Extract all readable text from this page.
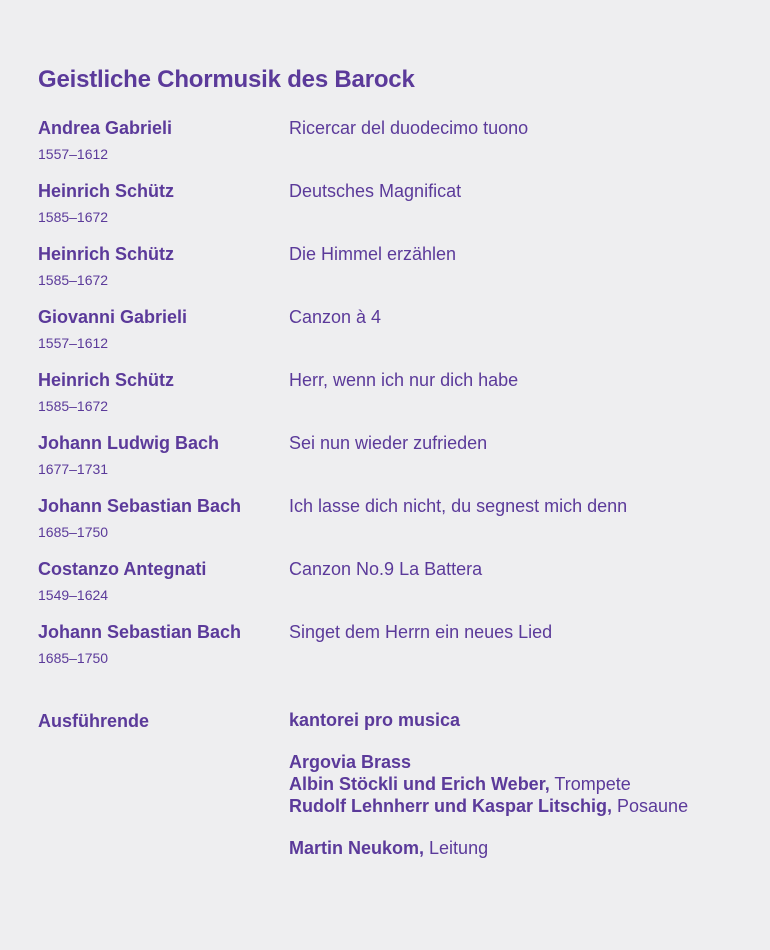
Geistliche Chormusik des Barock
Andrea Gabrieli
1557–1612
Ricercar del duodecimo tuono
Heinrich Schütz
1585–1672
Deutsches Magnificat
Heinrich Schütz
1585–1672
Die Himmel erzählen
Giovanni Gabrieli
1557–1612
Canzon à 4
Heinrich Schütz
1585–1672
Herr, wenn ich nur dich habe
Johann Ludwig Bach
1677–1731
Sei nun wieder zufrieden
Johann Sebastian Bach
1685–1750
Ich lasse dich nicht, du segnest mich denn
Costanzo Antegnati
1549–1624
Canzon No.9 La Battera
Johann Sebastian Bach
1685–1750
Singet dem Herrn ein neues Lied
Ausführende	kantorei pro musica
Argovia Brass
Albin Stöckli und Erich Weber, Trompete
Rudolf Lehnherr und Kaspar Litschig, Posaune
Martin Neukom, Leitung
